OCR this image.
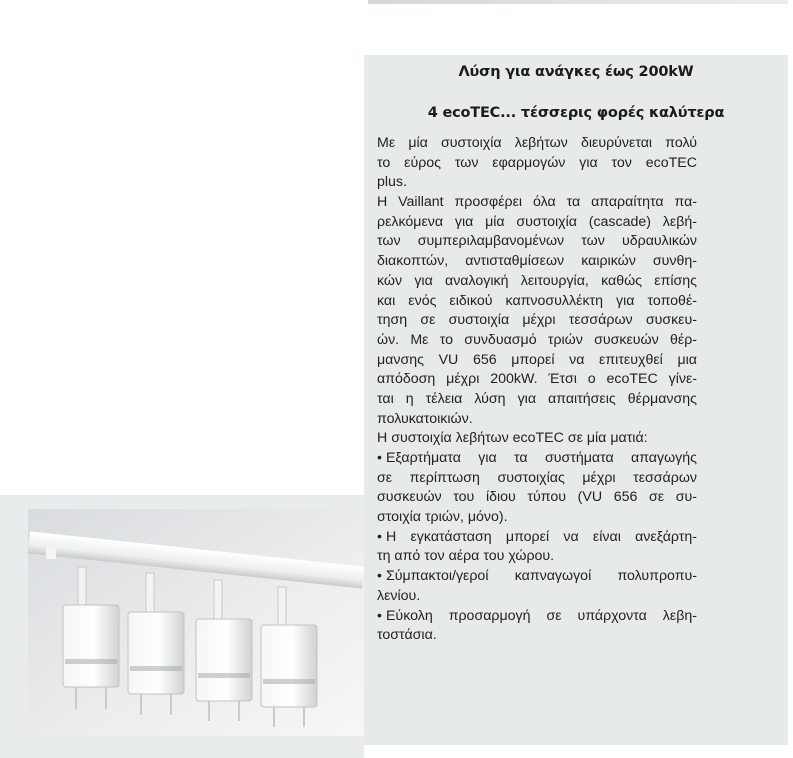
Λύση για ανάγκες έως 200kW
4 ecoTEC... τέσσερις φορές καλύτερα
Με μία συστοιχία λεβήτων διευρύνεται πολύ
το εύρος των εφαρμογών για τον ecoTEC
plus.
Η Vaillant προσφέρει όλα τα απαραίτητα πα-
ρελκόμενα για μία συστοιχία (cascade) λεβή-
των συμπεριλαμβανομένων των υδραυλικών
διακοπτών, αντισταθμίσεων καιρικών συνθη-
κών για αναλογική λειτουργία, καθώς επίσης
και ενός ειδικού καπνοσυλλέκτη για τοποθέ-
τηση σε συστοιχία μέχρι τεσσάρων συσκευ-
ών. Με το συνδυασμό τριών συσκευών θέρ-
μανσης VU 656 μπορεί να επιτευχθεί μια
απόδοση μέχρι 200kW. Έτσι ο ecoTEC γίνε-
ται η τέλεια λύση για απαιτήσεις θέρμανσης
πολυκατοικιών.
Η συστοιχία λεβήτων ecoTEC σε μία ματιά:
• Εξαρτήματα για τα συστήματα απαγωγής
σε περίπτωση συστοιχίας μέχρι τεσσάρων
συσκευών του ίδιου τύπου (VU 656 σε συ-
στοιχία τριών, μόνο).
• Η εγκατάσταση μπορεί να είναι ανεξάρτη-
τη από τον αέρα του χώρου.
• Σύμπακτοι/γεροί καπναγωγοί πολυπροπυ-
λενίου.
• Εύκολη προσαρμογή σε υπάρχοντα λεβη-
τοστάσια.
